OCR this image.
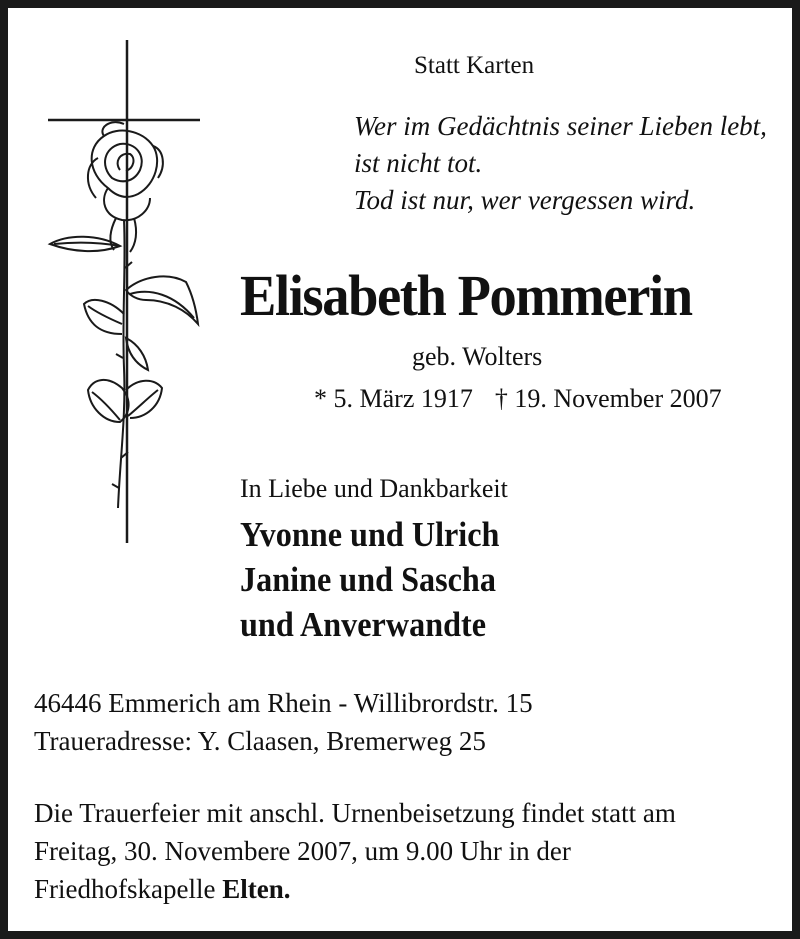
Statt Karten
Wer im Gedächtnis seiner Lieben lebt,
ist nicht tot.
Tod ist nur, wer vergessen wird.
Elisabeth Pommerin
geb. Wolters
* 5. März 1917 † 19. November 2007
In Liebe und Dankbarkeit
Yvonne und Ulrich
Janine und Sascha
und Anverwandte
46446 Emmerich am Rhein - Willibrordstr. 15
Traueradresse: Y. Claasen, Bremerweg 25
Die Trauerfeier mit anschl. Urnenbeisetzung findet statt am
Freitag, 30. Novembere 2007, um 9.00 Uhr in der
Friedhofskapelle Elten.
